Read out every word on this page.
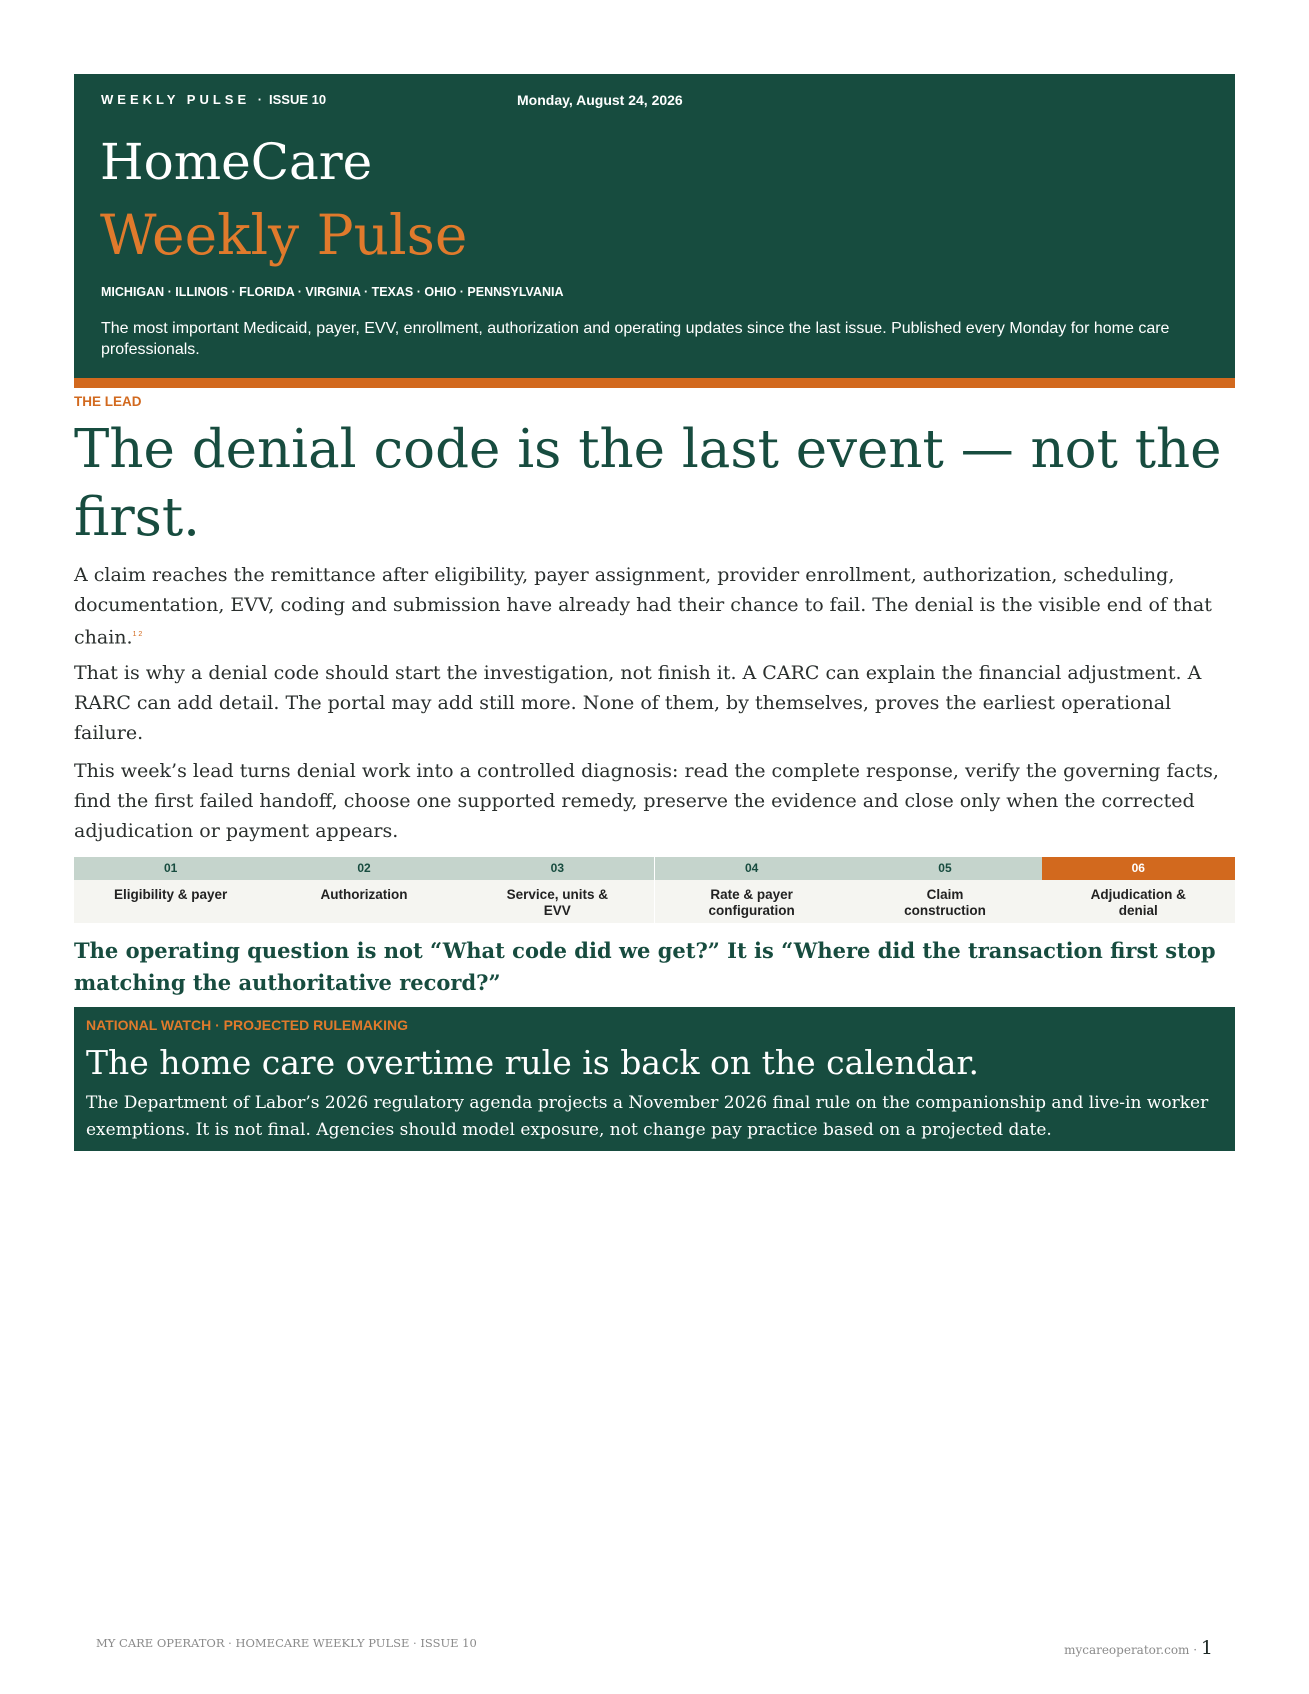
WEEKLY PULSE · ISSUE 10	Monday, August 24, 2026
HomeCare
Weekly Pulse
MICHIGAN · ILLINOIS · FLORIDA · VIRGINIA · TEXAS · OHIO · PENNSYLVANIA
The most important Medicaid, payer, EVV, enrollment, authorization and operating updates since the last issue. Published every Monday for home care professionals.
THE LEAD
The denial code is the last event — not the first.

A claim reaches the remittance after eligibility, payer assignment, provider enrollment, authorization, scheduling, documentation, EVV, coding and submission have already had their chance to fail. The denial is the visible end of that chain.$^{1 2}$

That is why a denial code should start the investigation, not finish it. A CARC can explain the financial adjustment. A RARC can add detail. The portal may add still more. None of them, by themselves, proves the earliest operational failure.

This week’s lead turns denial work into a controlled diagnosis: read the complete response, verify the governing facts, find the first failed handoff, choose one supported remedy, preserve the evidence and close only when the corrected adjudication or payment appears.

01
Eligibility & payer
02
Authorization
03
Service, units & EVV
04
Rate & payer configuration
05
Claim construction
06
Adjudication & denial

The operating question is not “What code did we get?” It is “Where did the transaction first stop matching the authoritative record?”

NATIONAL WATCH · PROJECTED RULEMAKING
The home care overtime rule is back on the calendar.

The Department of Labor’s 2026 regulatory agenda projects a November 2026 final rule on the companionship and live-in worker exemptions. It is not final. Agencies should model exposure, not change pay practice based on a projected date.

MY CARE OPERATOR · HOMECARE WEEKLY PULSE · ISSUE 10	mycareoperator.com · 1
